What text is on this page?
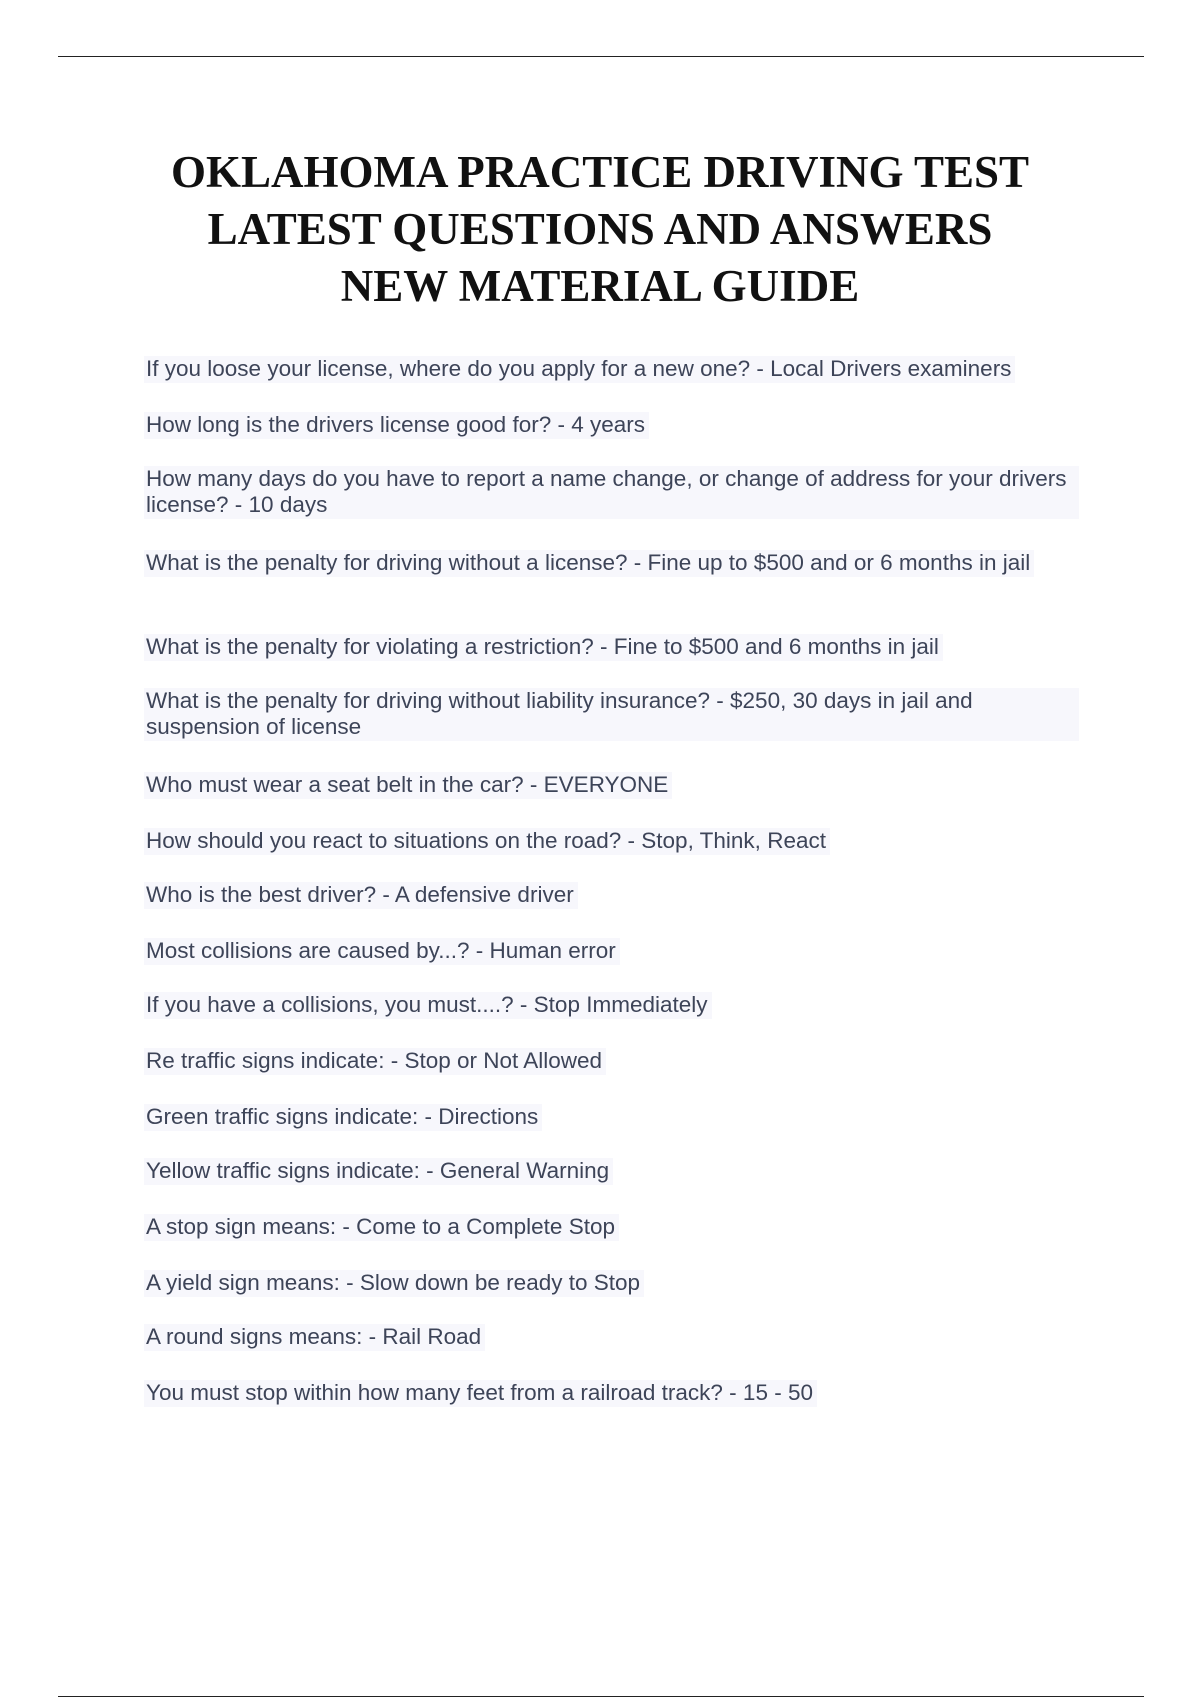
OKLAHOMA PRACTICE DRIVING TEST
LATEST QUESTIONS AND ANSWERS
NEW MATERIAL GUIDE
If you loose your license, where do you apply for a new one? - Local Drivers examiners
How long is the drivers license good for? - 4 years
How many days do you have to report a name change, or change of address for your drivers license? - 10 days
What is the penalty for driving without a license? - Fine up to $500 and or 6 months in jail
What is the penalty for violating a restriction? - Fine to $500 and 6 months in jail
What is the penalty for driving without liability insurance? - $250, 30 days in jail and suspension of license
Who must wear a seat belt in the car? - EVERYONE
How should you react to situations on the road? - Stop, Think, React
Who is the best driver? - A defensive driver
Most collisions are caused by...? - Human error
If you have a collisions, you must....? - Stop Immediately
Re traffic signs indicate: - Stop or Not Allowed
Green traffic signs indicate: - Directions
Yellow traffic signs indicate: - General Warning
A stop sign means: - Come to a Complete Stop
A yield sign means: - Slow down be ready to Stop
A round signs means: - Rail Road
You must stop within how many feet from a railroad track? - 15 - 50
